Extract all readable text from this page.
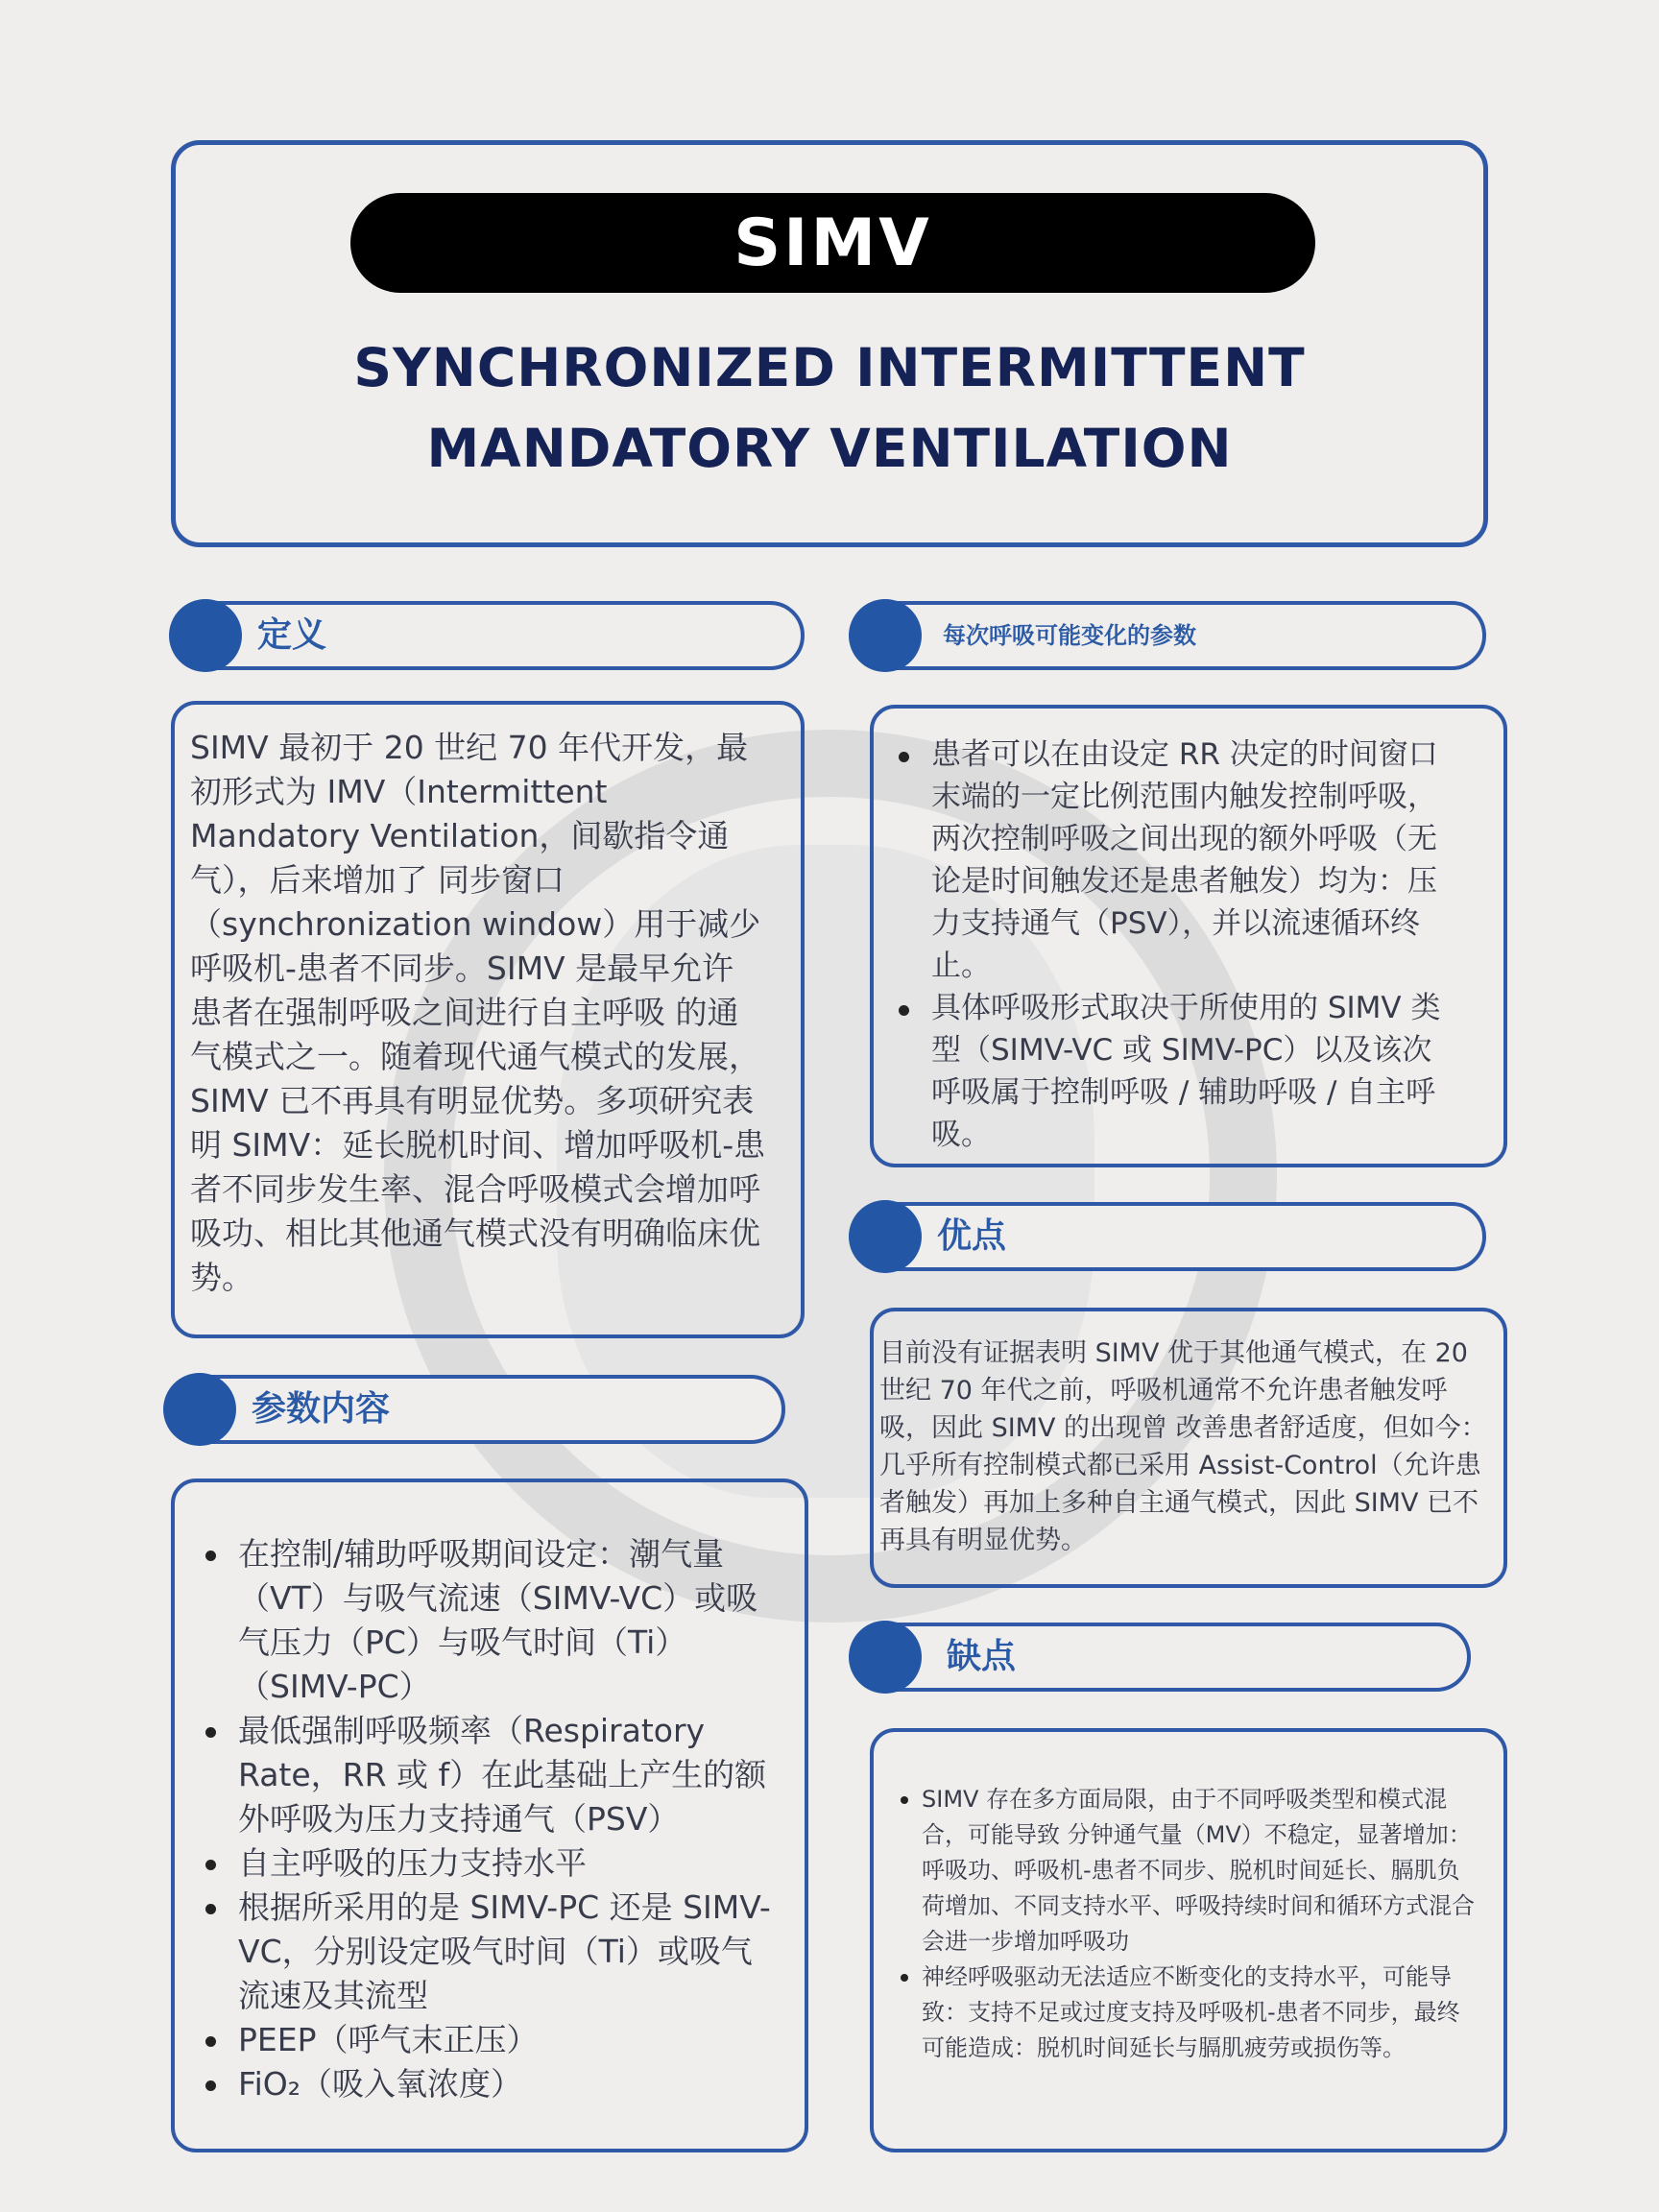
SIMV
SYNCHRONIZED INTERMITTENT
MANDATORY VENTILATION
定义
SIMV 最初于 20 世纪 70 年代开发，最初形式为 IMV（Intermittent Mandatory Ventilation，间歇指令通气），后来增加了 同步窗口（synchronization window）用于减少呼吸机-患者不同步。SIMV 是最早允许 患者在强制呼吸之间进行自主呼吸 的通气模式之一。随着现代通气模式的发展，SIMV 已不再具有明显优势。多项研究表明 SIMV：延长脱机时间、增加呼吸机-患者不同步发生率、混合呼吸模式会增加呼吸功、相比其他通气模式没有明确临床优势。
参数内容
在控制/辅助呼吸期间设定：潮气量（VT）与吸气流速（SIMV-VC）或吸气压力（PC）与吸气时间（Ti）（SIMV-PC）
最低强制呼吸频率（Respiratory Rate，RR 或 f）在此基础上产生的额外呼吸为压力支持通气（PSV）
自主呼吸的压力支持水平
根据所采用的是 SIMV-PC 还是 SIMV-VC，分别设定吸气时间（Ti）或吸气流速及其流型
PEEP（呼气末正压）
FiO₂（吸入氧浓度）
每次呼吸可能变化的参数
患者可以在由设定 RR 决定的时间窗口末端的一定比例范围内触发控制呼吸，两次控制呼吸之间出现的额外呼吸（无论是时间触发还是患者触发）均为：压力支持通气（PSV），并以流速循环终止。
具体呼吸形式取决于所使用的 SIMV 类型（SIMV-VC 或 SIMV-PC）以及该次呼吸属于控制呼吸 / 辅助呼吸 / 自主呼吸。
优点
目前没有证据表明 SIMV 优于其他通气模式，在 20 世纪 70 年代之前，呼吸机通常不允许患者触发呼吸，因此 SIMV 的出现曾 改善患者舒适度，但如今：几乎所有控制模式都已采用 Assist-Control（允许患者触发）再加上多种自主通气模式，因此 SIMV 已不再具有明显优势。
缺点
SIMV 存在多方面局限，由于不同呼吸类型和模式混合，可能导致 分钟通气量（MV）不稳定，显著增加：呼吸功、呼吸机-患者不同步、脱机时间延长、膈肌负荷增加、不同支持水平、呼吸持续时间和循环方式混合会进一步增加呼吸功
神经呼吸驱动无法适应不断变化的支持水平，可能导致：支持不足或过度支持及呼吸机-患者不同步，最终可能造成：脱机时间延长与膈肌疲劳或损伤等。
